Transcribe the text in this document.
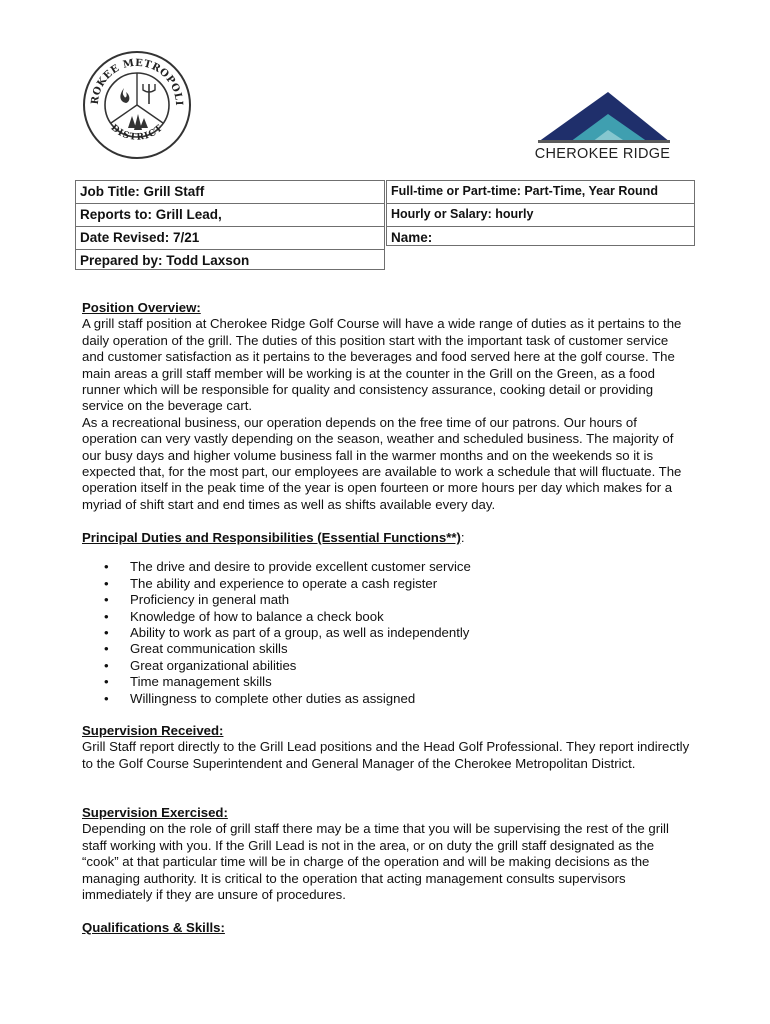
ROKEE METROPOLI
DISTRICT
CHEROKEE RIDGE
Job Title: Grill Staff
Reports to: Grill Lead,
Date Revised: 7/21
Prepared by: Todd Laxson
Full-time or Part-time: Part-Time, Year Round
Hourly or Salary: hourly
Name:

Position Overview:

A grill staff position at Cherokee Ridge Golf Course will have a wide range of duties as it pertains to the daily operation of the grill. The duties of this position start with the important task of customer service and customer satisfaction as it pertains to the beverages and food served here at the golf course. The main areas a grill staff member will be working is at the counter in the Grill on the Green, as a food runner which will be responsible for quality and consistency assurance, cooking detail or providing service on the beverage cart.

As a recreational business, our operation depends on the free time of our patrons. Our hours of operation can very vastly depending on the season, weather and scheduled business. The majority of our busy days and higher volume business fall in the warmer months and on the weekends so it is expected that, for the most part, our employees are available to work a schedule that will fluctuate. The operation itself in the peak time of the year is open fourteen or more hours per day which makes for a myriad of shift start and end times as well as shifts available every day.

Principal Duties and Responsibilities (Essential Functions**):

• The drive and desire to provide excellent customer service
• The ability and experience to operate a cash register
• Proficiency in general math
• Knowledge of how to balance a check book
• Ability to work as part of a group, as well as independently
• Great communication skills
• Great organizational abilities
• Time management skills
• Willingness to complete other duties as assigned

Supervision Received:

Grill Staff report directly to the Grill Lead positions and the Head Golf Professional. They report indirectly to the Golf Course Superintendent and General Manager of the Cherokee Metropolitan District.

Supervision Exercised:

Depending on the role of grill staff there may be a time that you will be supervising the rest of the grill staff working with you. If the Grill Lead is not in the area, or on duty the grill staff designated as the “cook” at that particular time will be in charge of the operation and will be making decisions as the managing authority. It is critical to the operation that acting management consults supervisors immediately if they are unsure of procedures.

Qualifications & Skills:
